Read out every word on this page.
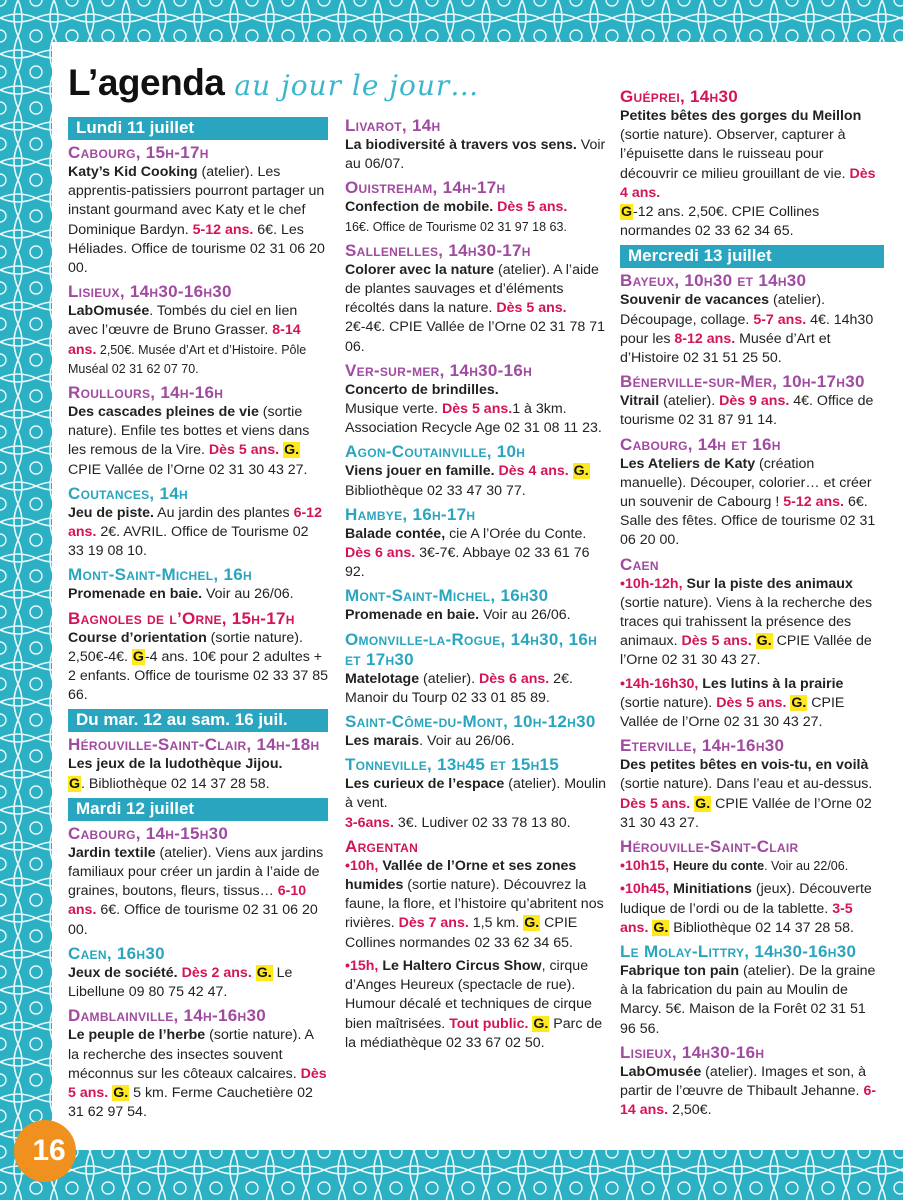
L’agenda au jour le jour…
Lundi 11 juillet
Cabourg, 15h-17h
Katy’s Kid Cooking (atelier). Les apprentis-patissiers pourront partager un instant gourmand avec Katy et le chef Dominique Bardyn. 5-12 ans. 6€. Les Héliades. Office de tourisme 02 31 06 20 00.
Lisieux, 14h30-16h30
LabOmusée. Tombés du ciel en lien avec l’œuvre de Bruno Grasser. 8-14 ans. 2,50€. Musée d’Art et d’Histoire. Pôle Muséal 02 31 62 07 70.
Roullours, 14h-16h
Des cascades pleines de vie (sortie nature). Enfile tes bottes et viens dans les remous de la Vire. Dès 5 ans. G. CPIE Vallée de l’Orne 02 31 30 43 27.
Coutances, 14h
Jeu de piste. Au jardin des plantes 6-12 ans. 2€. AVRIL. Office de Tourisme 02 33 19 08 10.
Mont-Saint-Michel, 16h
Promenade en baie. Voir au 26/06.
Bagnoles de l’Orne, 15h-17h
Course d’orientation (sortie nature). 2,50€-4€. G-4 ans. 10€ pour 2 adultes + 2 enfants. Office de tourisme 02 33 37 85 66.
Du mar. 12 au sam. 16 juil.
Hérouville-Saint-Clair, 14h-18h
Les jeux de la ludothèque Jijou.
G. Bibliothèque 02 14 37 28 58.
Mardi 12 juillet
Cabourg, 14h-15h30
Jardin textile (atelier). Viens aux jardins familiaux pour créer un jardin à l’aide de graines, boutons, fleurs, tissus… 6-10 ans. 6€. Office de tourisme 02 31 06 20 00.
Caen, 16h30
Jeux de société. Dès 2 ans. G. Le Libellune 09 80 75 42 47.
Damblainville, 14h-16h30
Le peuple de l’herbe (sortie nature). A la recherche des insectes souvent méconnus sur les côteaux calcaires. Dès 5 ans. G. 5 km. Ferme Cauchetière 02 31 62 97 54.
Livarot, 14h
La biodiversité à travers vos sens. Voir au 06/07.
Ouistreham, 14h-17h
Confection de mobile. Dès 5 ans.
16€. Office de Tourisme 02 31 97 18 63.
Sallenelles, 14h30-17h
Colorer avec la nature (atelier). A l’aide de plantes sauvages et d’éléments récoltés dans la nature. Dès 5 ans. 2€-4€. CPIE Vallée de l’Orne 02 31 78 71 06.
Ver-sur-mer, 14h30-16h
Concerto de brindilles.
Musique verte. Dès 5 ans.1 à 3km. Association Recycle Age 02 31 08 11 23.
Agon-Coutainville, 10h
Viens jouer en famille. Dès 4 ans. G. Bibliothèque 02 33 47 30 77.
Hambye, 16h-17h
Balade contée, cie A l’Orée du Conte. Dès 6 ans. 3€-7€. Abbaye 02 33 61 76 92.
Mont-Saint-Michel, 16h30
Promenade en baie. Voir au 26/06.
Omonville-la-Rogue, 14h30, 16h et 17h30
Matelotage (atelier). Dès 6 ans. 2€. Manoir du Tourp 02 33 01 85 89.
Saint-Côme-du-Mont, 10h-12h30
Les marais. Voir au 26/06.
Tonneville, 13h45 et 15h15
Les curieux de l’espace (atelier). Moulin à vent.
3-6ans. 3€. Ludiver 02 33 78 13 80.
Argentan
•10h, Vallée de l’Orne et ses zones humides (sortie nature). Découvrez la faune, la flore, et l’histoire qu’abritent nos rivières. Dès 7 ans. 1,5 km. G. CPIE Collines normandes 02 33 62 34 65.
•15h, Le Haltero Circus Show, cirque d’Anges Heureux (spectacle de rue). Humour décalé et techniques de cirque bien maîtrisées. Tout public. G. Parc de la médiathèque 02 33 67 02 50.
Guéprei, 14h30
Petites bêtes des gorges du Meillon (sortie nature). Observer, capturer à l’épuisette dans le ruisseau pour découvrir ce milieu grouillant de vie. Dès 4 ans.
G-12 ans. 2,50€. CPIE Collines normandes 02 33 62 34 65.
Mercredi 13 juillet
Bayeux, 10h30 et 14h30
Souvenir de vacances (atelier). Découpage, collage. 5-7 ans. 4€. 14h30 pour les 8-12 ans. Musée d’Art et d’Histoire 02 31 51 25 50.
Bénerville-sur-Mer, 10h-17h30
Vitrail (atelier). Dès 9 ans. 4€. Office de tourisme 02 31 87 91 14.
Cabourg, 14h et 16h
Les Ateliers de Katy (création manuelle). Découper, colorier… et créer un souvenir de Cabourg ! 5-12 ans. 6€. Salle des fêtes. Office de tourisme 02 31 06 20 00.
Caen
•10h-12h, Sur la piste des animaux (sortie nature). Viens à la recherche des traces qui trahissent la présence des animaux. Dès 5 ans. G. CPIE Vallée de l’Orne 02 31 30 43 27.
•14h-16h30, Les lutins à la prairie (sortie nature). Dès 5 ans. G. CPIE Vallée de l’Orne 02 31 30 43 27.
Eterville, 14h-16h30
Des petites bêtes en vois-tu, en voilà (sortie nature). Dans l’eau et au-dessus. Dès 5 ans. G. CPIE Vallée de l’Orne 02 31 30 43 27.
Hérouville-Saint-Clair
•10h15, Heure du conte. Voir au 22/06.
•10h45, Minitiations (jeux). Découverte ludique de l’ordi ou de la tablette. 3-5 ans. G. Bibliothèque 02 14 37 28 58.
Le Molay-Littry, 14h30-16h30
Fabrique ton pain (atelier). De la graine à la fabrication du pain au Moulin de Marcy. 5€. Maison de la Forêt 02 31 51 96 56.
Lisieux, 14h30-16h
LabOmusée (atelier). Images et son, à partir de l’œuvre de Thibault Jehanne. 6-14 ans. 2,50€.
16
